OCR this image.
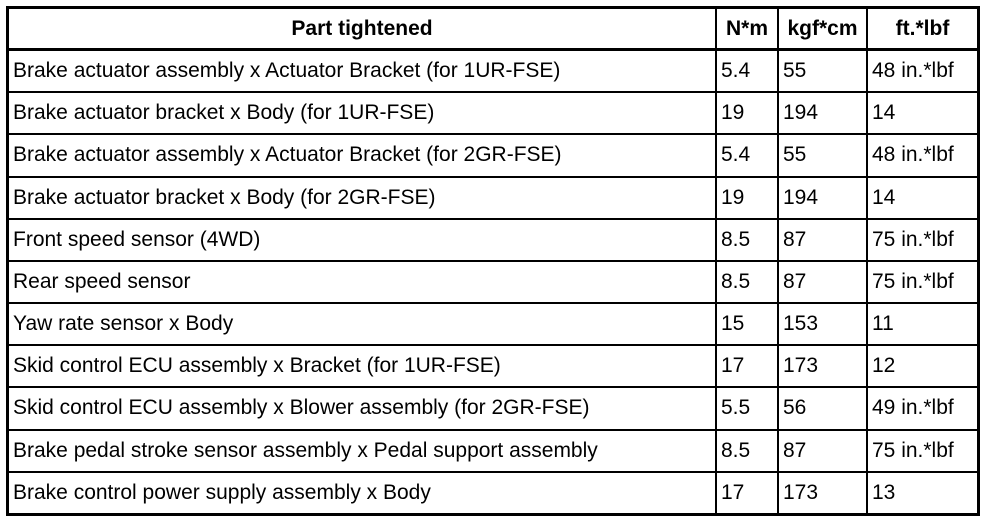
Part tightened	N*m	kgf*cm	ft.*lbf
Brake actuator assembly x Actuator Bracket (for 1UR-FSE)	5.4	55	48 in.*lbf
Brake actuator bracket x Body (for 1UR-FSE)	19	194	14
Brake actuator assembly x Actuator Bracket (for 2GR-FSE)	5.4	55	48 in.*lbf
Brake actuator bracket x Body (for 2GR-FSE)	19	194	14
Front speed sensor (4WD)	8.5	87	75 in.*lbf
Rear speed sensor	8.5	87	75 in.*lbf
Yaw rate sensor x Body	15	153	11
Skid control ECU assembly x Bracket (for 1UR-FSE)	17	173	12
Skid control ECU assembly x Blower assembly (for 2GR-FSE)	5.5	56	49 in.*lbf
Brake pedal stroke sensor assembly x Pedal support assembly	8.5	87	75 in.*lbf
Brake control power supply assembly x Body	17	173	13
